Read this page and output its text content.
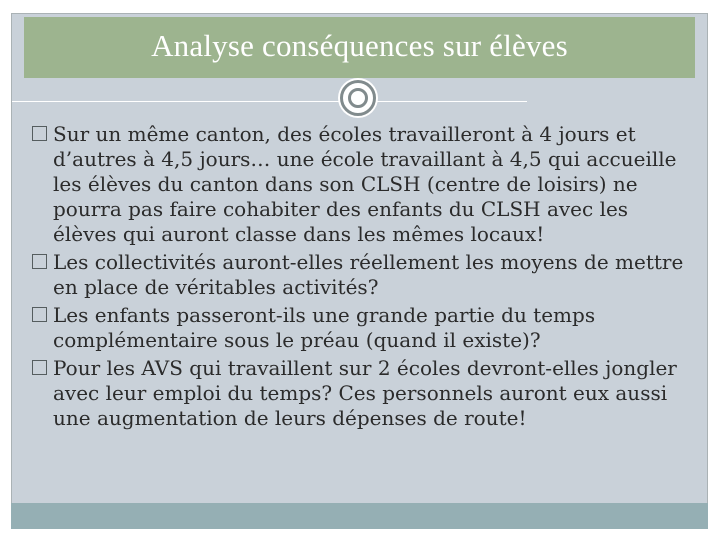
Analyse conséquences sur élèves
Sur un même canton, des écoles travailleront à 4 jours et d’autres à 4,5 jours… une école travaillant à 4,5 qui accueille les élèves du canton dans son CLSH (centre de loisirs) ne pourra pas faire cohabiter des enfants du CLSH avec les élèves qui auront classe dans les mêmes locaux!
Les collectivités auront-elles réellement les moyens de mettre en place de véritables activités?
Les enfants passeront-ils une grande partie du temps complémentaire sous le préau (quand il existe)?
Pour les AVS qui travaillent sur 2 écoles devront-elles jongler avec leur emploi du temps? Ces personnels auront eux aussi une augmentation de leurs dépenses de route!
